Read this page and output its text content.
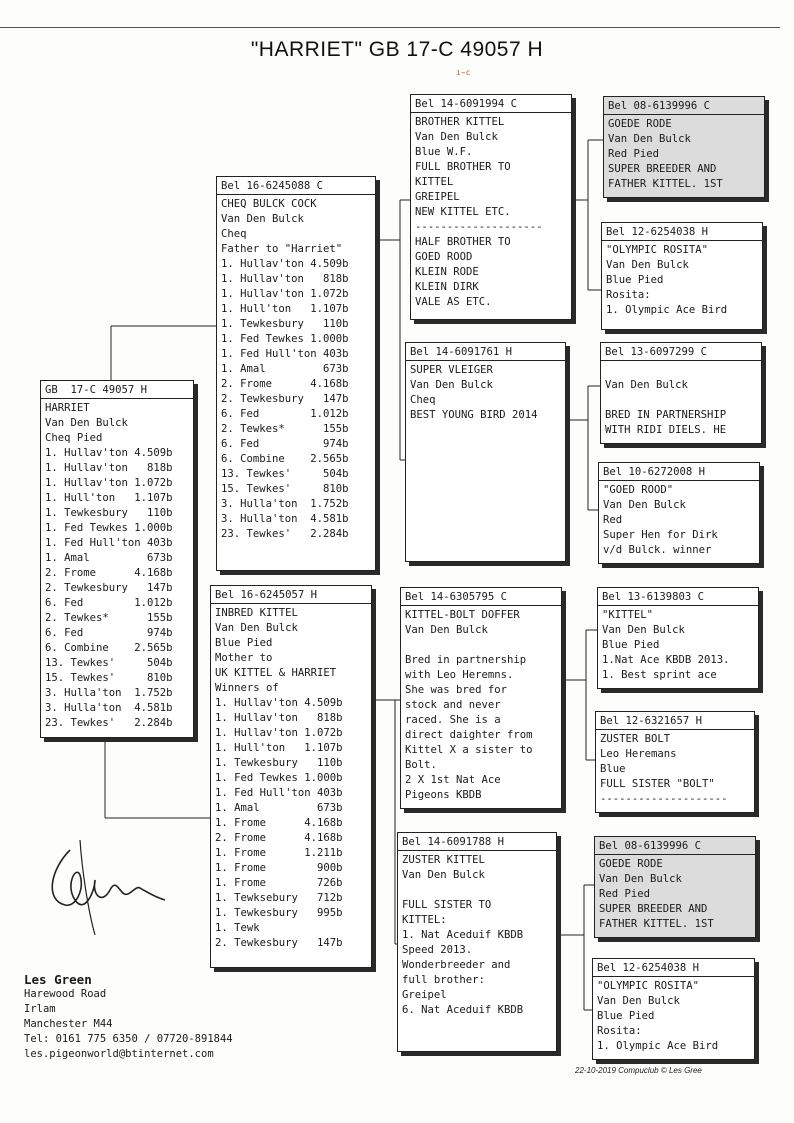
"HARRIET" GB 17-C 49057 H
ı̵c
GB  17-C 49057 H
HARRIET
Van Den Bulck
Cheq Pied
1. Hullav'ton 4.509b
1. Hullav'ton   818b
1. Hullav'ton 1.072b
1. Hull'ton   1.107b
1. Tewkesbury   110b
1. Fed Tewkes 1.000b
1. Fed Hull'ton 403b
1. Amal         673b
2. Frome      4.168b
2. Tewkesbury   147b
6. Fed        1.012b
2. Tewkes*      155b
6. Fed          974b
6. Combine    2.565b
13. Tewkes'     504b
15. Tewkes'     810b
3. Hulla'ton  1.752b
3. Hulla'ton  4.581b
23. Tewkes'   2.284b
Bel 16-6245088 C
CHEQ BULCK COCK
Van Den Bulck
Cheq
Father to "Harriet"
1. Hullav'ton 4.509b
1. Hullav'ton   818b
1. Hullav'ton 1.072b
1. Hull'ton   1.107b
1. Tewkesbury   110b
1. Fed Tewkes 1.000b
1. Fed Hull'ton 403b
1. Amal         673b
2. Frome      4.168b
2. Tewkesbury   147b
6. Fed        1.012b
2. Tewkes*      155b
6. Fed          974b
6. Combine    2.565b
13. Tewkes'     504b
15. Tewkes'     810b
3. Hulla'ton  1.752b
3. Hulla'ton  4.581b
23. Tewkes'   2.284b
Bel 16-6245057 H
INBRED KITTEL
Van Den Bulck
Blue Pied
Mother to
UK KITTEL & HARRIET
Winners of
1. Hullav'ton 4.509b
1. Hullav'ton   818b
1. Hullav'ton 1.072b
1. Hull'ton   1.107b
1. Tewkesbury   110b
1. Fed Tewkes 1.000b
1. Fed Hull'ton 403b
1. Amal         673b
1. Frome      4.168b
2. Frome      4.168b
1. Frome      1.211b
1. Frome        900b
1. Frome        726b
1. Tewksebury   712b
1. Tewkesbury   995b
1. Tewk
2. Tewkesbury   147b
Bel 14-6091994 C
BROTHER KITTEL
Van Den Bulck
Blue W.F.
FULL BROTHER TO
KITTEL
GREIPEL
NEW KITTEL ETC.
--------------------
HALF BROTHER TO
GOED ROOD
KLEIN RODE
KLEIN DIRK
VALE AS ETC.
Bel 14-6091761 H
SUPER VLEIGER
Van Den Bulck
Cheq
BEST YOUNG BIRD 2014
Bel 14-6305795 C
KITTEL-BOLT DOFFER
Van Den Bulck
Bred in partnership
with Leo Heremns.
She was bred for
stock and never
raced. She is a
direct daighter from
Kittel X a sister to
Bolt.
2 X 1st Nat Ace
Pigeons KBDB
Bel 14-6091788 H
ZUSTER KITTEL
Van Den Bulck
FULL SISTER TO
KITTEL:
1. Nat Aceduif KBDB
Speed 2013.
Wonderbreeder and
full brother:
Greipel
6. Nat Aceduif KBDB
Bel 08-6139996 C
GOEDE RODE
Van Den Bulck
Red Pied
SUPER BREEDER AND
FATHER KITTEL. 1ST
Bel 12-6254038 H
"OLYMPIC ROSITA"
Van Den Bulck
Blue Pied
Rosita:
1. Olympic Ace Bird
Bel 13-6097299 C
Van Den Bulck
BRED IN PARTNERSHIP
WITH RIDI DIELS. HE
Bel 10-6272008 H
"GOED ROOD"
Van Den Bulck
Red
Super Hen for Dirk
v/d Bulck. winner
Bel 13-6139803 C
"KITTEL"
Van Den Bulck
Blue Pied
1.Nat Ace KBDB 2013.
1. Best sprint ace
Bel 12-6321657 H
ZUSTER BOLT
Leo Heremans
Blue
FULL SISTER "BOLT"
--------------------
Bel 08-6139996 C
GOEDE RODE
Van Den Bulck
Red Pied
SUPER BREEDER AND
FATHER KITTEL. 1ST
Bel 12-6254038 H
"OLYMPIC ROSITA"
Van Den Bulck
Blue Pied
Rosita:
1. Olympic Ace Bird
Les Green
Harewood Road
Irlam
Manchester M44
Tel: 0161 775 6350 / 07720-891844
les.pigeonworld@btinternet.com
22-10-2019 Compuclub © Les Gree
